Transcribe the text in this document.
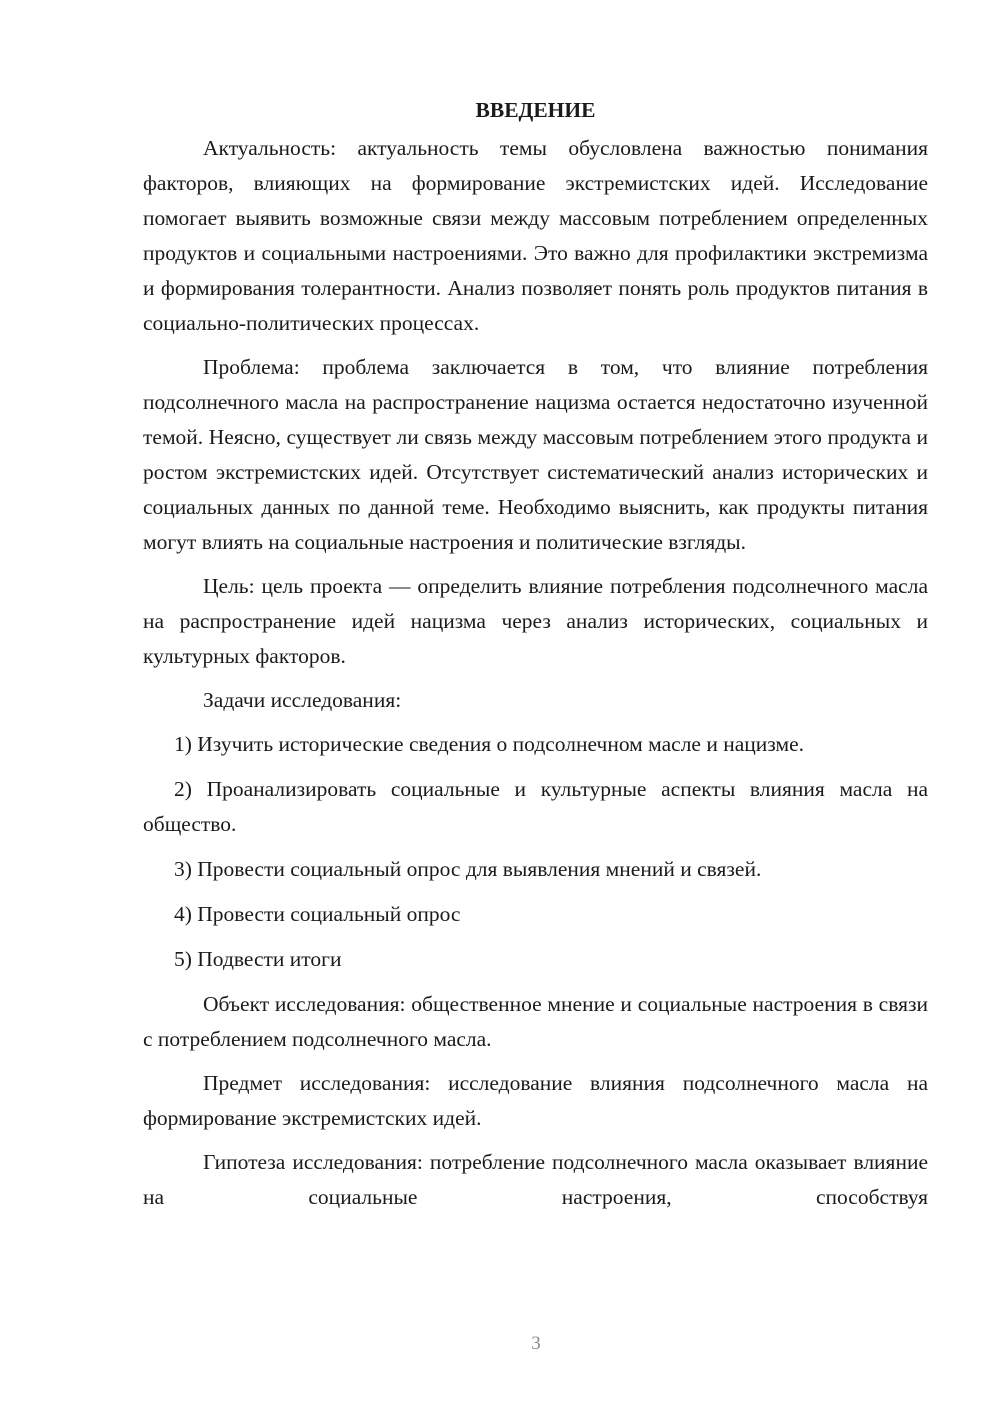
ВВЕДЕНИЕ

Актуальность: актуальность темы обусловлена важностью понимания факторов, влияющих на формирование экстремистских идей. Исследование помогает выявить возможные связи между массовым потреблением определенных продуктов и социальными настроениями. Это важно для профилактики экстремизма и формирования толерантности. Анализ позволяет понять роль продуктов питания в социально-политических процессах.

Проблема: проблема заключается в том, что влияние потребления подсолнечного масла на распространение нацизма остается недостаточно изученной темой. Неясно, существует ли связь между массовым потреблением этого продукта и ростом экстремистских идей. Отсутствует систематический анализ исторических и социальных данных по данной теме. Необходимо выяснить, как продукты питания могут влиять на социальные настроения и политические взгляды.

Цель: цель проекта — определить влияние потребления подсолнечного масла на распространение идей нацизма через анализ исторических, социальных и культурных факторов.

Задачи исследования:

1) Изучить исторические сведения о подсолнечном масле и нацизме.

2) Проанализировать социальные и культурные аспекты влияния масла на общество.

3) Провести социальный опрос для выявления мнений и связей.

4) Провести социальный опрос

5) Подвести итоги

Объект исследования: общественное мнение и социальные настроения в связи с потреблением подсолнечного масла.

Предмет исследования: исследование влияния подсолнечного масла на формирование экстремистских идей.

Гипотеза исследования: потребление подсолнечного масла оказывает влияние на социальные настроения, способствуя

3
